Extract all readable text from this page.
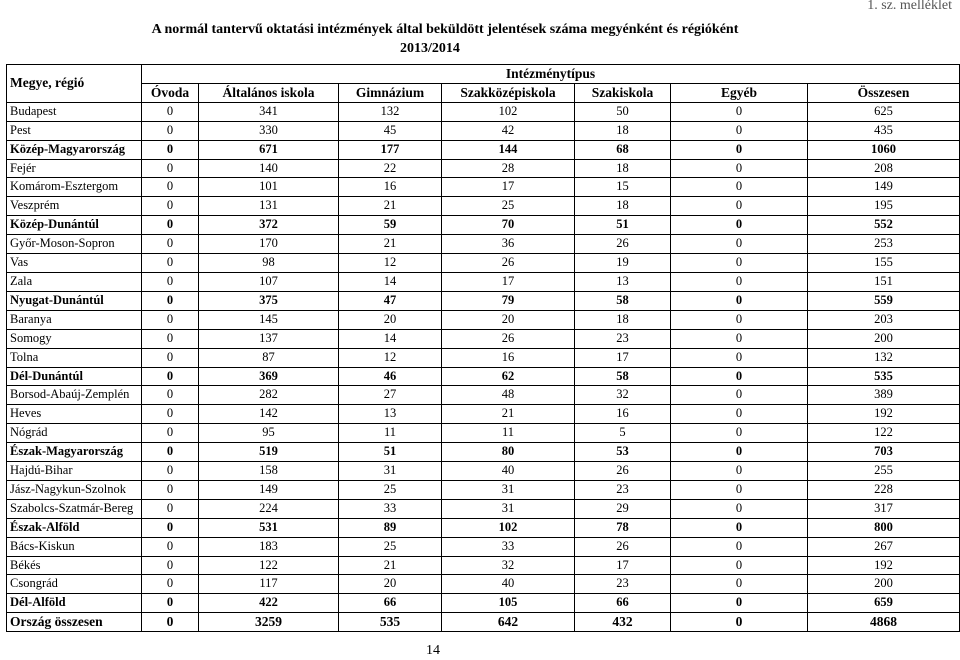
1. sz. melléklet
A normál tantervű oktatási intézmények által beküldött jelentések száma megyénként és régióként
2013/2014
Megye, régió	Intézménytípus						
	Óvoda	Általános iskola	Gimnázium	Szakközépiskola	Szakiskola	Egyéb	Összesen
Budapest	0	341	132	102	50	0	625
Pest	0	330	45	42	18	0	435
Közép-Magyarország	0	671	177	144	68	0	1060
Fejér	0	140	22	28	18	0	208
Komárom-Esztergom	0	101	16	17	15	0	149
Veszprém	0	131	21	25	18	0	195
Közép-Dunántúl	0	372	59	70	51	0	552
Győr-Moson-Sopron	0	170	21	36	26	0	253
Vas	0	98	12	26	19	0	155
Zala	0	107	14	17	13	0	151
Nyugat-Dunántúl	0	375	47	79	58	0	559
Baranya	0	145	20	20	18	0	203
Somogy	0	137	14	26	23	0	200
Tolna	0	87	12	16	17	0	132
Dél-Dunántúl	0	369	46	62	58	0	535
Borsod-Abaúj-Zemplén	0	282	27	48	32	0	389
Heves	0	142	13	21	16	0	192
Nógrád	0	95	11	11	5	0	122
Észak-Magyarország	0	519	51	80	53	0	703
Hajdú-Bihar	0	158	31	40	26	0	255
Jász-Nagykun-Szolnok	0	149	25	31	23	0	228
Szabolcs-Szatmár-Bereg	0	224	33	31	29	0	317
Észak-Alföld	0	531	89	102	78	0	800
Bács-Kiskun	0	183	25	33	26	0	267
Békés	0	122	21	32	17	0	192
Csongrád	0	117	20	40	23	0	200
Dél-Alföld	0	422	66	105	66	0	659
Ország összesen	0	3259	535	642	432	0	4868
14
